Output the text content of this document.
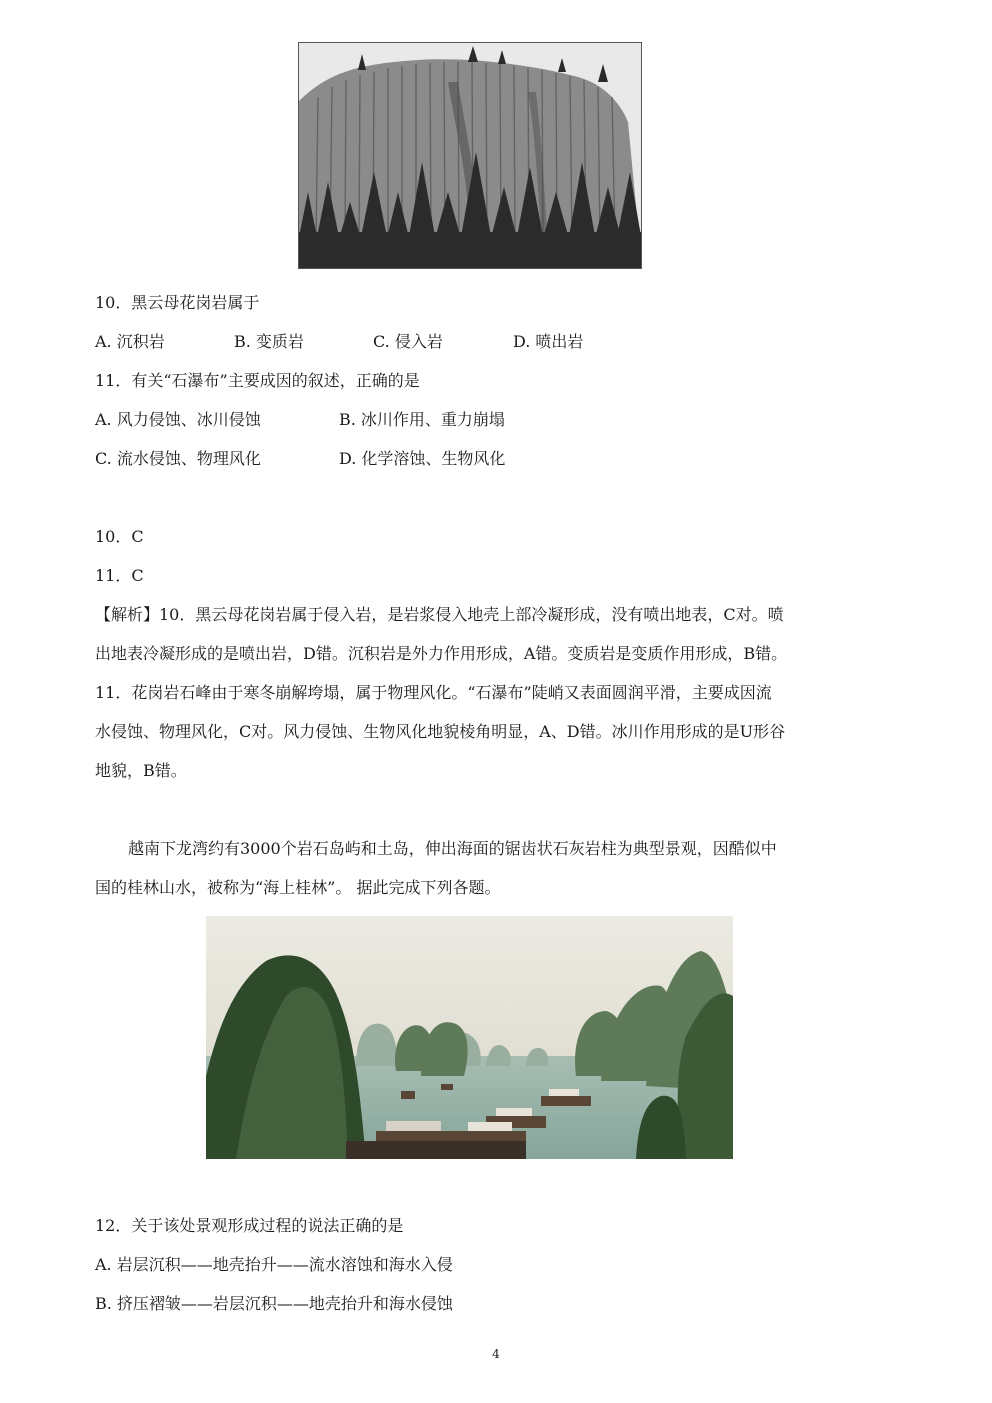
10．黑云母花岗岩属于
A. 沉积岩	B. 变质岩	C. 侵入岩	D. 喷出岩
11．有关“石瀑布”主要成因的叙述，正确的是
A. 风力侵蚀、冰川侵蚀	B. 冰川作用、重力崩塌
C. 流水侵蚀、物理风化	D. 化学溶蚀、生物风化
10．C
11．C
【解析】10．黑云母花岗岩属于侵入岩，是岩浆侵入地壳上部冷凝形成，没有喷出地表，C对。喷
出地表冷凝形成的是喷出岩，D错。沉积岩是外力作用形成，A错。变质岩是变质作用形成，B错。
11．花岗岩石峰由于寒冬崩解垮塌，属于物理风化。“石瀑布”陡峭又表面圆润平滑，主要成因流
水侵蚀、物理风化，C对。风力侵蚀、生物风化地貌棱角明显，A、D错。冰川作用形成的是U形谷
地貌，B错。
越南下龙湾约有3000个岩石岛屿和土岛，伸出海面的锯齿状石灰岩柱为典型景观，因酷似中
国的桂林山水，被称为“海上桂林”。 据此完成下列各题。
12．关于该处景观形成过程的说法正确的是
A. 岩层沉积——地壳抬升——流水溶蚀和海水入侵
B. 挤压褶皱——岩层沉积——地壳抬升和海水侵蚀
4
